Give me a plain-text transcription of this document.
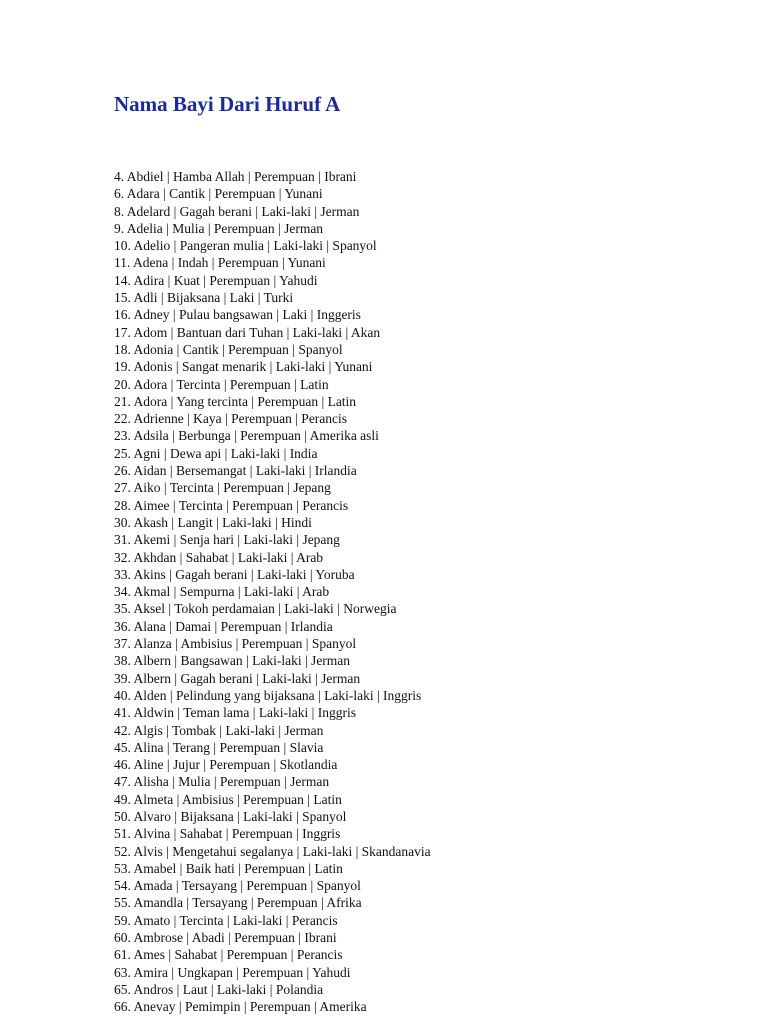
Nama Bayi Dari Huruf A
4. Abdiel | Hamba Allah | Perempuan | Ibrani
6. Adara | Cantik | Perempuan | Yunani
8. Adelard | Gagah berani | Laki-laki | Jerman
9. Adelia | Mulia | Perempuan | Jerman
10. Adelio | Pangeran mulia | Laki-laki | Spanyol
11. Adena | Indah | Perempuan | Yunani
14. Adira | Kuat | Perempuan | Yahudi
15. Adli | Bijaksana | Laki | Turki
16. Adney | Pulau bangsawan | Laki | Inggeris
17. Adom | Bantuan dari Tuhan | Laki-laki | Akan
18. Adonia | Cantik | Perempuan | Spanyol
19. Adonis | Sangat menarik | Laki-laki | Yunani
20. Adora | Tercinta | Perempuan | Latin
21. Adora | Yang tercinta | Perempuan | Latin
22. Adrienne | Kaya | Perempuan | Perancis
23. Adsila | Berbunga | Perempuan | Amerika asli
25. Agni | Dewa api | Laki-laki | India
26. Aidan | Bersemangat | Laki-laki | Irlandia
27. Aiko | Tercinta | Perempuan | Jepang
28. Aimee | Tercinta | Perempuan | Perancis
30. Akash | Langit | Laki-laki | Hindi
31. Akemi | Senja hari | Laki-laki | Jepang
32. Akhdan | Sahabat | Laki-laki | Arab
33. Akins | Gagah berani | Laki-laki | Yoruba
34. Akmal | Sempurna | Laki-laki | Arab
35. Aksel | Tokoh perdamaian | Laki-laki | Norwegia
36. Alana | Damai | Perempuan | Irlandia
37. Alanza | Ambisius | Perempuan | Spanyol
38. Albern | Bangsawan | Laki-laki | Jerman
39. Albern | Gagah berani | Laki-laki | Jerman
40. Alden | Pelindung yang bijaksana | Laki-laki | Inggris
41. Aldwin | Teman lama | Laki-laki | Inggris
42. Algis | Tombak | Laki-laki | Jerman
45. Alina | Terang | Perempuan | Slavia
46. Aline | Jujur | Perempuan | Skotlandia
47. Alisha | Mulia | Perempuan | Jerman
49. Almeta | Ambisius | Perempuan | Latin
50. Alvaro | Bijaksana | Laki-laki | Spanyol
51. Alvina | Sahabat | Perempuan | Inggris
52. Alvis | Mengetahui segalanya | Laki-laki | Skandanavia
53. Amabel | Baik hati | Perempuan | Latin
54. Amada | Tersayang | Perempuan | Spanyol
55. Amandla | Tersayang | Perempuan | Afrika
59. Amato | Tercinta | Laki-laki | Perancis
60. Ambrose | Abadi | Perempuan | Ibrani
61. Ames | Sahabat | Perempuan | Perancis
63. Amira | Ungkapan | Perempuan | Yahudi
65. Andros | Laut | Laki-laki | Polandia
66. Anevay | Pemimpin | Perempuan | Amerika
